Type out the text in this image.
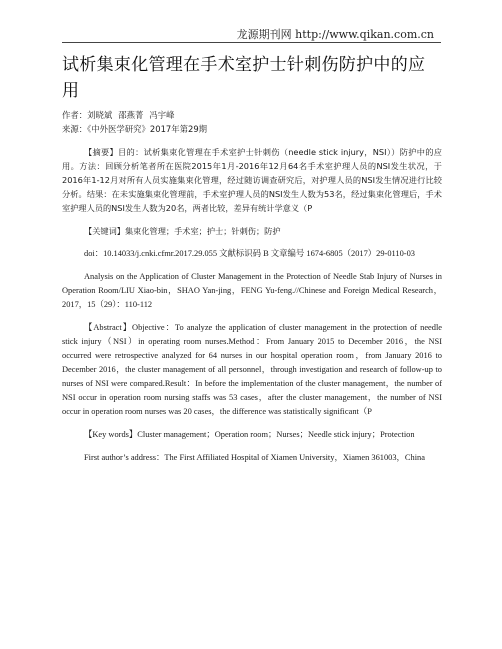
龙源期刊网 http://www.qikan.com.cn
试析集束化管理在手术室护士针刺伤防护中的应用
作者：刘晓斌 邵燕菁 冯宇峰
来源：《中外医学研究》2017年第29期
【摘要】目的：试析集束化管理在手术室护士针刺伤（needle stick injury，NSI））防护中的应用。方法：回顾分析笔者所在医院2015年1月-2016年12月64名手术室护理人员的NSI发生状况，于2016年1-12月对所有人员实施集束化管理，经过随访调查研究后，对护理人员的NSI发生情况进行比较分析。结果：在未实施集束化管理前，手术室护理人员的NSI发生人数为53名，经过集束化管理后，手术室护理人员的NSI发生人数为20名，两者比较，差异有统计学意义（P
【关键词】集束化管理；手术室；护士；针刺伤；防护
doi：10.14033/j.cnki.cfmr.2017.29.055 文献标识码 B 文章编号 1674-6805（2017）29-0110-03
Analysis on the Application of Cluster Management in the Protection of Needle Stab Injury of Nurses in Operation Room/LIU Xiao-bin，SHAO Yan-jing，FENG Yu-feng.//Chinese and Foreign Medical Research，2017，15（29）：110-112
【Abstract】Objective：To analyze the application of cluster management in the protection of needle stick injury（NSI）in operating room nurses.Method：From January 2015 to December 2016，the NSI occurred were retrospective analyzed for 64 nurses in our hospital operation room，from January 2016 to December 2016，the cluster management of all personnel，through investigation and research of follow-up to nurses of NSI were compared.Result：In before the implementation of the cluster management，the number of NSI occur in operation room nursing staffs was 53 cases，after the cluster management，the number of NSI occur in operation room nurses was 20 cases，the difference was statistically significant（P
【Key words】Cluster management；Operation room；Nurses；Needle stick injury；Protection
First author’s address：The First Affiliated Hospital of Xiamen University，Xiamen 361003，China
